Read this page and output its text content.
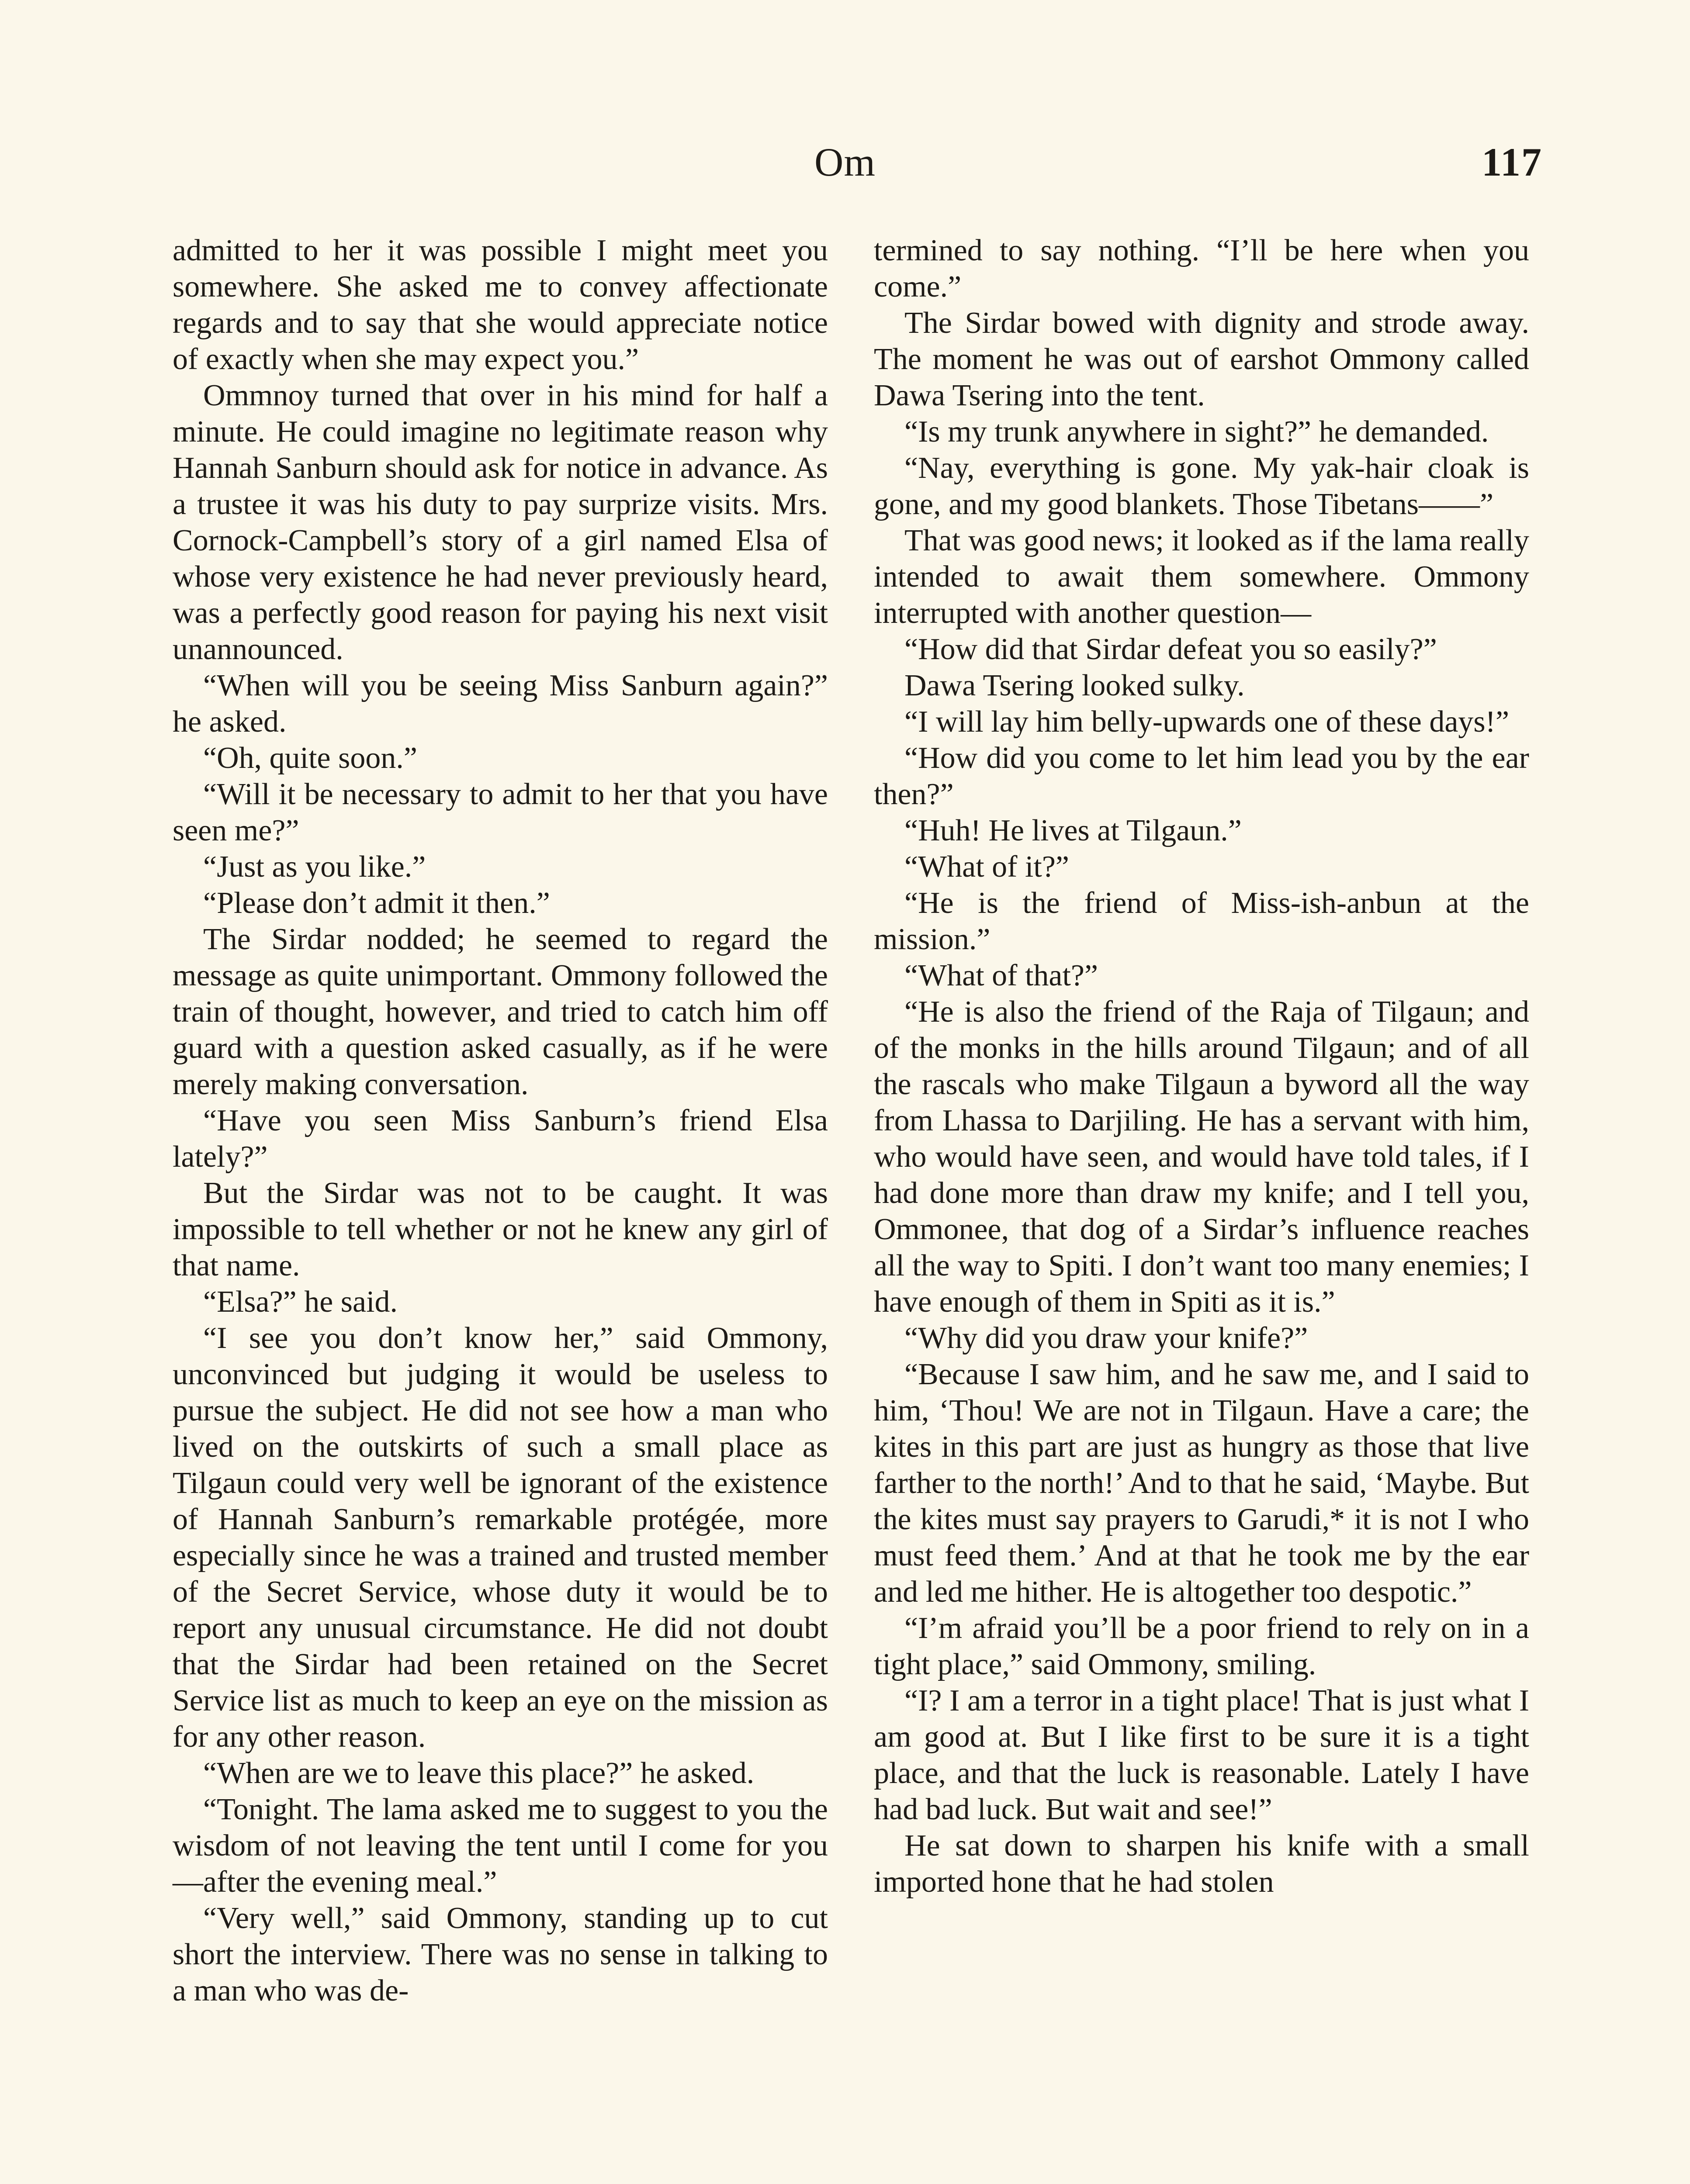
Om	117

admitted to her it was possible I might meet you somewhere. She asked me to convey affectionate regards and to say that she would appreciate notice of exactly when she may expect you.”

Ommnoy turned that over in his mind for half a minute. He could imagine no legitimate reason why Hannah Sanburn should ask for notice in advance. As a trustee it was his duty to pay surprize visits. Mrs. Cornock-Campbell’s story of a girl named Elsa of whose very existence he had never previously heard, was a perfectly good reason for paying his next visit unannounced.

“When will you be seeing Miss Sanburn again?” he asked.

“Oh, quite soon.”

“Will it be necessary to admit to her that you have seen me?”

“Just as you like.”

“Please don’t admit it then.”

The Sirdar nodded; he seemed to regard the message as quite unimportant. Ommony followed the train of thought, however, and tried to catch him off guard with a question asked casually, as if he were merely making conversation.

“Have you seen Miss Sanburn’s friend Elsa lately?”

But the Sirdar was not to be caught. It was impossible to tell whether or not he knew any girl of that name.

“Elsa?” he said.

“I see you don’t know her,” said Ommony, unconvinced but judging it would be useless to pursue the subject. He did not see how a man who lived on the outskirts of such a small place as Tilgaun could very well be ignorant of the existence of Hannah Sanburn’s remarkable protégée, more especially since he was a trained and trusted member of the Secret Service, whose duty it would be to report any unusual circumstance. He did not doubt that the Sirdar had been retained on the Secret Service list as much to keep an eye on the mission as for any other reason.

“When are we to leave this place?” he asked.

“Tonight. The lama asked me to suggest to you the wisdom of not leaving the tent until I come for you—after the evening meal.”

“Very well,” said Ommony, standing up to cut short the interview. There was no sense in talking to a man who was de-

termined to say nothing. “I’ll be here when you come.”

The Sirdar bowed with dignity and strode away. The moment he was out of earshot Ommony called Dawa Tsering into the tent.

“Is my trunk anywhere in sight?” he demanded.

“Nay, everything is gone. My yak-hair cloak is gone, and my good blankets. Those Tibetans——”

That was good news; it looked as if the lama really intended to await them somewhere. Ommony interrupted with another question—

“How did that Sirdar defeat you so easily?”

Dawa Tsering looked sulky.

“I will lay him belly-upwards one of these days!”

“How did you come to let him lead you by the ear then?”

“Huh! He lives at Tilgaun.”

“What of it?”

“He is the friend of Miss-ish-anbun at the mission.”

“What of that?”

“He is also the friend of the Raja of Tilgaun; and of the monks in the hills around Tilgaun; and of all the rascals who make Tilgaun a byword all the way from Lhassa to Darjiling. He has a servant with him, who would have seen, and would have told tales, if I had done more than draw my knife; and I tell you, Ommonee, that dog of a Sirdar’s influence reaches all the way to Spiti. I don’t want too many enemies; I have enough of them in Spiti as it is.”

“Why did you draw your knife?”

“Because I saw him, and he saw me, and I said to him, ‘Thou! We are not in Tilgaun. Have a care; the kites in this part are just as hungry as those that live farther to the north!’ And to that he said, ‘Maybe. But the kites must say prayers to Garudi,* it is not I who must feed them.’ And at that he took me by the ear and led me hither. He is altogether too despotic.”

“I’m afraid you’ll be a poor friend to rely on in a tight place,” said Ommony, smiling.

“I? I am a terror in a tight place! That is just what I am good at. But I like first to be sure it is a tight place, and that the luck is reasonable. Lately I have had bad luck. But wait and see!”

He sat down to sharpen his knife with a small imported hone that he had stolen
